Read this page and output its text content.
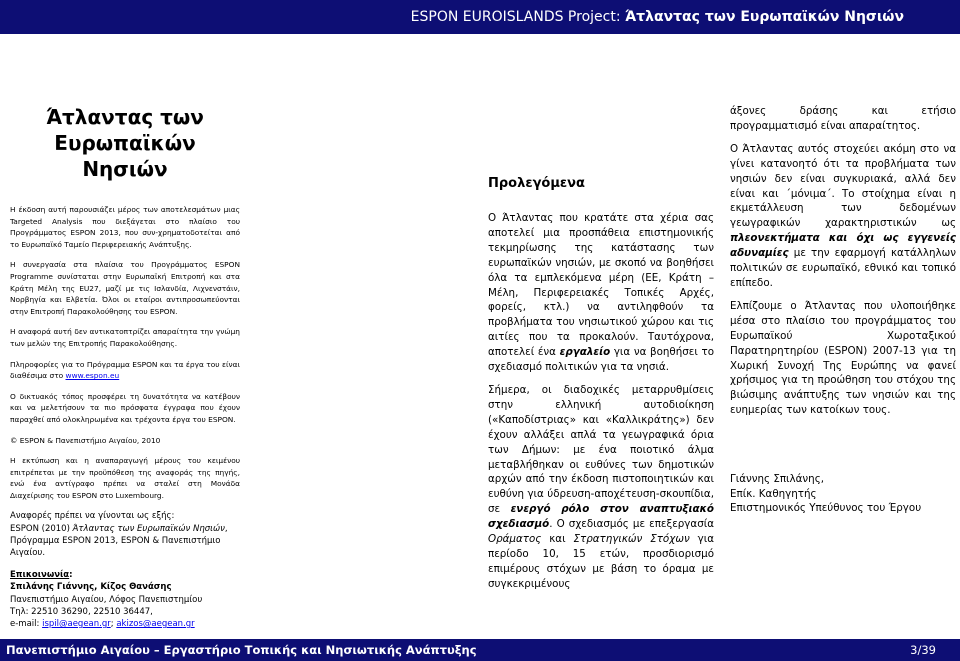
ESPON EUROISLANDS Project: Άτλαντας των Ευρωπαϊκών Νησιών
Άτλαντας των
Ευρωπαϊκών
Νησιών

Η έκδοση αυτή παρουσιάζει μέρος των αποτελεσμάτων μιας Targeted Analysis που διεξάγεται στο πλαίσιο του Προγράμματος ESPON 2013, που συν-χρηματοδοτείται από το Ευρωπαϊκό Ταμείο Περιφερειακής Ανάπτυξης.

Η συνεργασία στα πλαίσια του Προγράμματος ESPON Programme συνίσταται στην Ευρωπαϊκή Επιτροπή και στα Κράτη Μέλη της EU27, μαζί με τις Ισλανδία, Λιχνενστάιν, Νορβηγία και Ελβετία. Όλοι οι εταίροι αντιπροσωπεύονται στην Επιτροπή Παρακολούθησης του ESPON.

Η αναφορά αυτή δεν αντικατοπτρίζει απαραίτητα την γνώμη των μελών της Επιτροπής Παρακολούθησης.

Πληροφορίες για το Πρόγραμμα ESPON και τα έργα του είναι διαθέσιμα στο www.espon.eu

Ο δικτυακός τόπος προσφέρει τη δυνατότητα να κατέβουν και να μελετήσουν τα πιο πρόσφατα έγγραφα που έχουν παραχθεί από ολοκληρωμένα και τρέχοντα έργα του ESPON.

© ESPON & Πανεπιστήμιο Αιγαίου, 2010

Η εκτύπωση και η αναπαραγωγή μέρους του κειμένου επιτρέπεται με την προϋπόθεση της αναφοράς της πηγής, ενώ ένα αντίγραφο πρέπει να σταλεί στη Μονάδα Διαχείρισης του ESPON στο Luxembourg.

Αναφορές πρέπει να γίνονται ως εξής:
ESPON (2010) Άτλαντας των Ευρωπαϊκών Νησιών, Πρόγραμμα ESPON 2013, ESPON & Πανεπιστήμιο Αιγαίου.

Επικοινωνία:
Σπιλάνης Γιάννης, Κίζος Θανάσης
Πανεπιστήμιο Αιγαίου, Λόφος Πανεπιστημίου
Τηλ: 22510 36290, 22510 36447,
e-mail: ispil@aegean.gr; akizos@aegean.gr

Προλεγόμενα

Ο Άτλαντας που κρατάτε στα χέρια σας αποτελεί μια προσπάθεια επιστημονικής τεκμηρίωσης της κατάστασης των ευρωπαϊκών νησιών, με σκοπό να βοηθήσει όλα τα εμπλεκόμενα μέρη (ΕΕ, Κράτη – Μέλη, Περιφερειακές Τοπικές Αρχές, φορείς, κτλ.) να αντιληφθούν τα προβλήματα του νησιωτικού χώρου και τις αιτίες που τα προκαλούν. Ταυτόχρονα, αποτελεί ένα εργαλείο για να βοηθήσει το σχεδιασμό πολιτικών για τα νησιά.

Σήμερα, οι διαδοχικές μεταρρυθμίσεις στην ελληνική αυτοδιοίκηση («Καποδίστριας» και «Καλλικράτης») δεν έχουν αλλάξει απλά τα γεωγραφικά όρια των Δήμων: με ένα ποιοτικό άλμα μεταβλήθηκαν οι ευθύνες των δημοτικών αρχών από την έκδοση πιστοποιητικών και ευθύνη για ύδρευση-αποχέτευση-σκουπίδια, σε ενεργό ρόλο στον αναπτυξιακό σχεδιασμό. Ο σχεδιασμός με επεξεργασία Οράματος και Στρατηγικών Στόχων για περίοδο 10, 15 ετών, προσδιορισμό επιμέρους στόχων με βάση το όραμα με συγκεκριμένους

άξονες δράσης και ετήσιο προγραμματισμό είναι απαραίτητος.

Ο Άτλαντας αυτός στοχεύει ακόμη στο να γίνει κατανοητό ότι τα προβλήματα των νησιών δεν είναι συγκυριακά, αλλά δεν είναι και ΄μόνιμα΄. Το στοίχημα είναι η εκμετάλλευση των δεδομένων γεωγραφικών χαρακτηριστικών ως πλεονεκτήματα και όχι ως εγγενείς αδυναμίες με την εφαρμογή κατάλληλων πολιτικών σε ευρωπαϊκό, εθνικό και τοπικό επίπεδο.

Ελπίζουμε ο Άτλαντας που υλοποιήθηκε μέσα στο πλαίσιο του προγράμματος του Ευρωπαϊκού Χωροταξικού Παρατηρητηρίου (ESPON) 2007-13 για τη Χωρική Συνοχή Της Ευρώπης να φανεί χρήσιμος για τη προώθηση του στόχου της βιώσιμης ανάπτυξης των νησιών και της ευημερίας των κατοίκων τους.

Γιάννης Σπιλάνης,

Επίκ. Καθηγητής

Επιστημονικός Υπεύθυνος του Έργου

Πανεπιστήμιο Αιγαίου – Εργαστήριο Τοπικής και Νησιωτικής Ανάπτυξης	3/39
